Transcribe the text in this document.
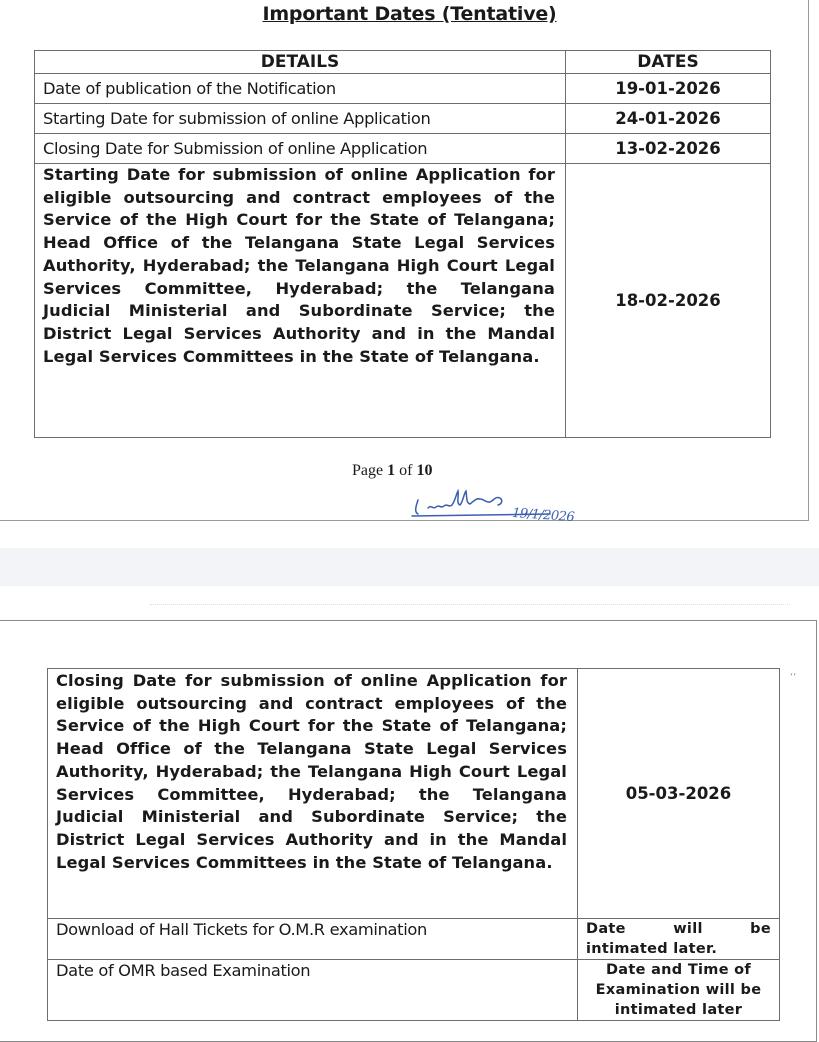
Important Dates (Tentative)
DETAILS	DATES
Date of publication of the Notification	19-01-2026
Starting Date for submission of online Application	24-01-2026
Closing Date for Submission of online Application	13-02-2026
Starting Date for submission of online Application for eligible outsourcing and contract employees of the Service of the High Court for the State of Telangana; Head Office of the Telangana State Legal Services Authority, Hyderabad; the Telangana High Court Legal Services Committee, Hyderabad; the Telangana Judicial Ministerial and Subordinate Service; the District Legal Services Authority and in the Mandal Legal Services Committees in the State of Telangana.	18-02-2026
Page 1 of 10
19/1/2026
Closing Date for submission of online Application for eligible outsourcing and contract employees of the Service of the High Court for the State of Telangana; Head Office of the Telangana State Legal Services Authority, Hyderabad; the Telangana High Court Legal Services Committee, Hyderabad; the Telangana Judicial Ministerial and Subordinate Service; the District Legal Services Authority and in the Mandal Legal Services Committees in the State of Telangana.	05-03-2026
Download of Hall Tickets for O.M.R examination	Date will be intimated later.
Date of OMR based Examination	Date and Time of Examination will be intimated later
‘‘
